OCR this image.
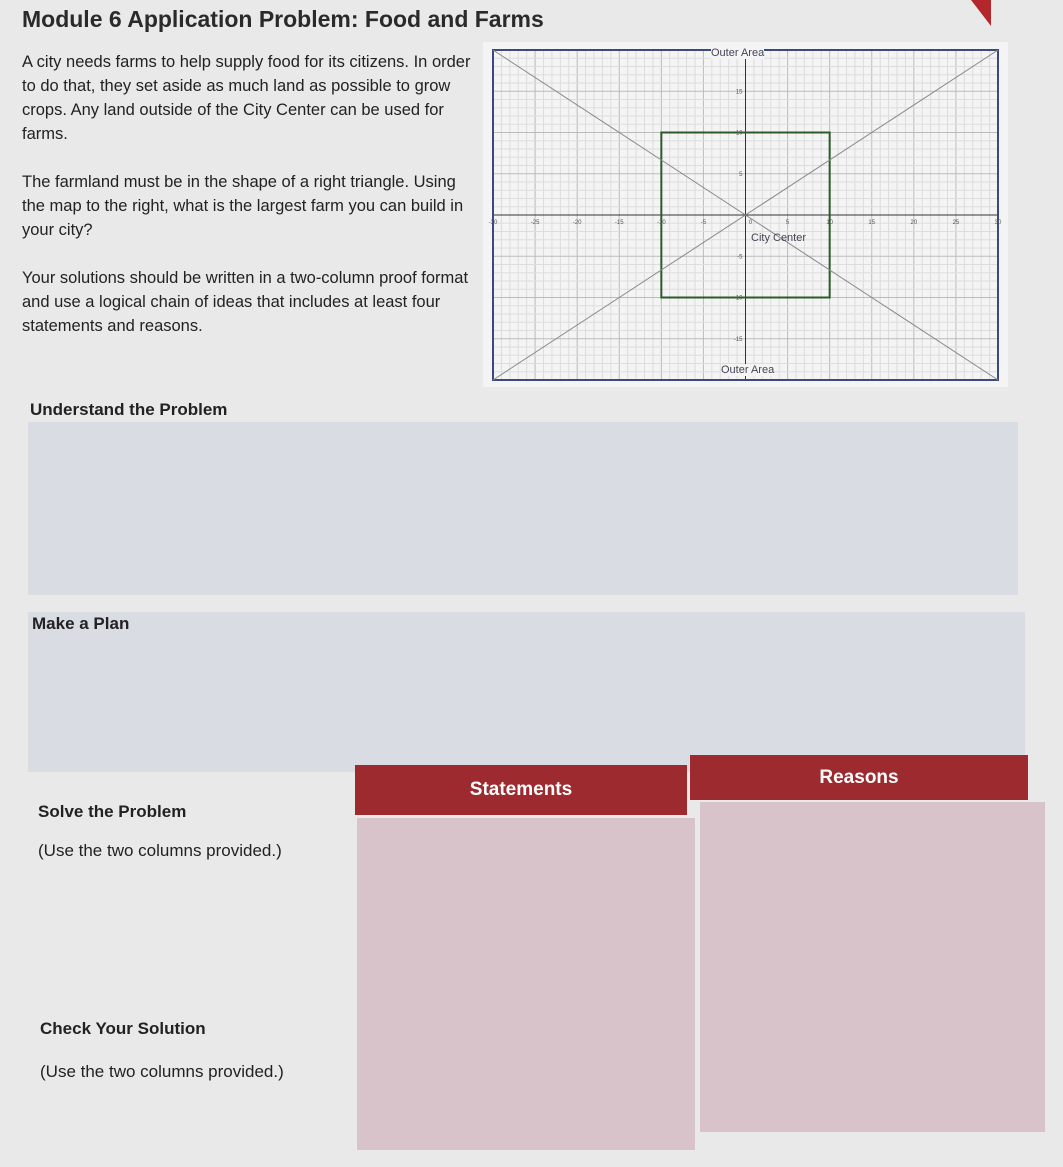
Module 6 Application Problem: Food and Farms

A city needs farms to help supply food for its citizens. In order to do that, they set aside as much land as possible to grow crops. Any land outside of the City Center can be used for farms.

The farmland must be in the shape of a right triangle. Using the map to the right, what is the largest farm you can build in your city?

Your solutions should be written in a two-column proof format and use a logical chain of ideas that includes at least four statements and reasons.

-30	-25	-20	-15	-10	-5	0	5	10	15	20	25	30
15
10
5
-5
-10
-15
Outer Area
Outer Area
City Center
Understand the Problem
Make a Plan
Solve the Problem
(Use the two columns provided.)
Check Your Solution
(Use the two columns provided.)
Statements
Reasons
